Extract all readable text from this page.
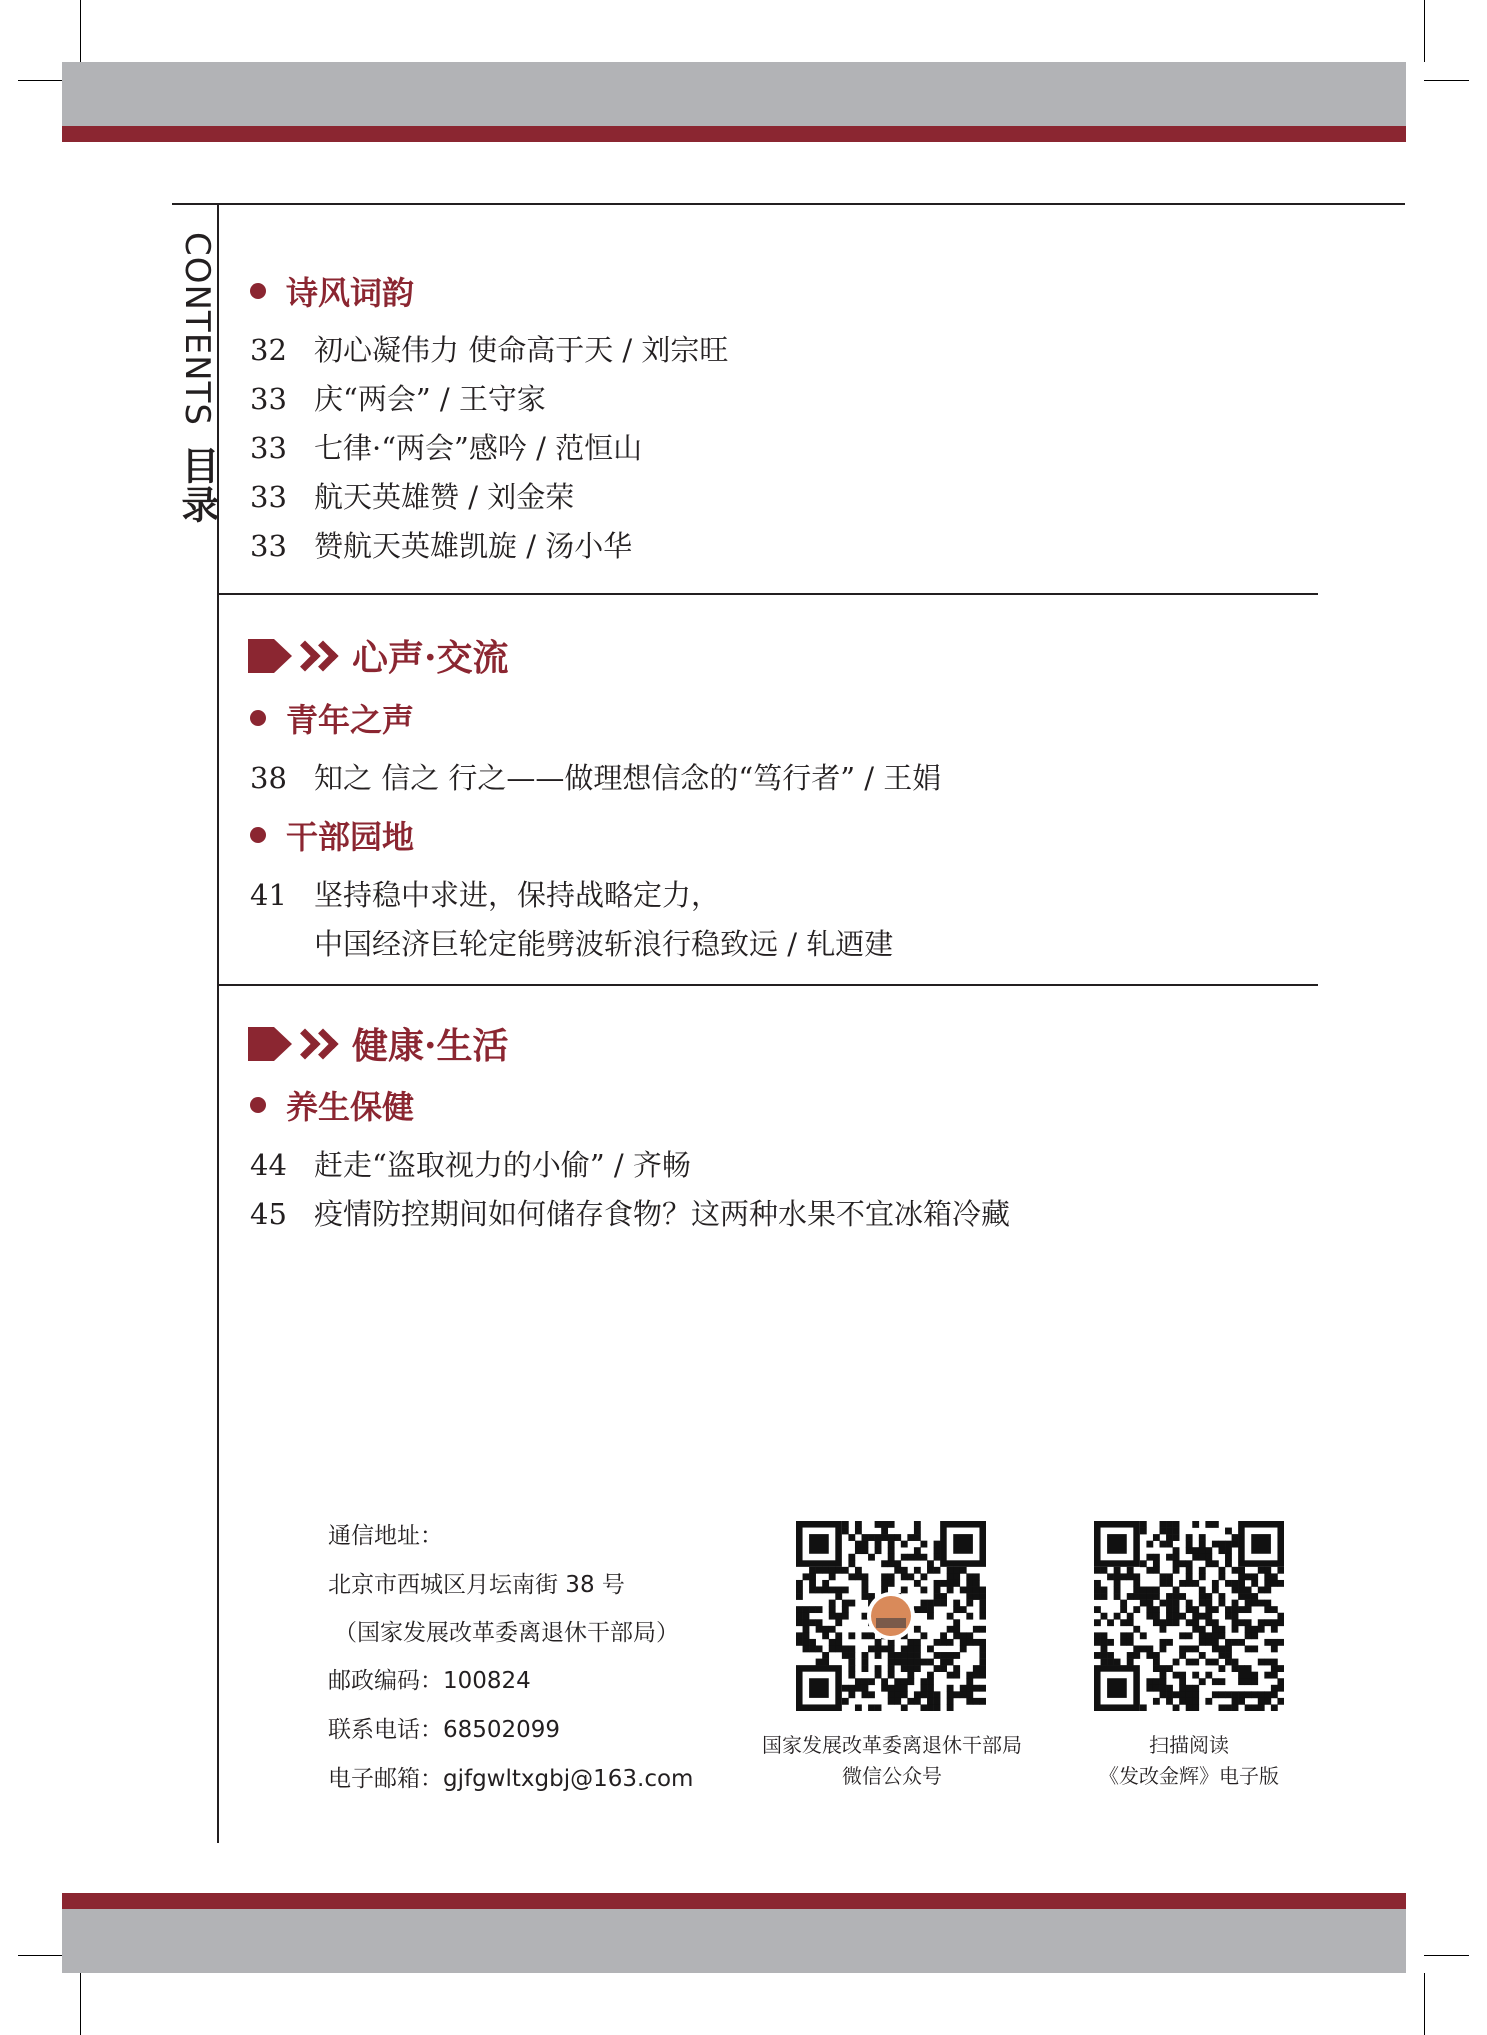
CONTENTS 目录
诗风词韵
32 初心凝伟力 使命高于天 / 刘宗旺
33 庆“两会” / 王守家
33 七律·“两会”感吟 / 范恒山
33 航天英雄赞 / 刘金荣
33 赞航天英雄凯旋 / 汤小华
心声·交流
青年之声
38 知之 信之 行之——做理想信念的“笃行者” / 王娟
干部园地
41 坚持稳中求进，保持战略定力，
中国经济巨轮定能劈波斩浪行稳致远 / 轧迺建
健康·生活
养生保健
44 赶走“盗取视力的小偷” / 齐畅
45 疫情防控期间如何储存食物？这两种水果不宜冰箱冷藏
通信地址：
北京市西城区月坛南街 38 号
（国家发展改革委离退休干部局）
邮政编码：100824
联系电话：68502099
电子邮箱：gjfgwltxgbj@163.com
国家发展改革委离退休干部局
微信公众号
扫描阅读
《发改金辉》电子版
